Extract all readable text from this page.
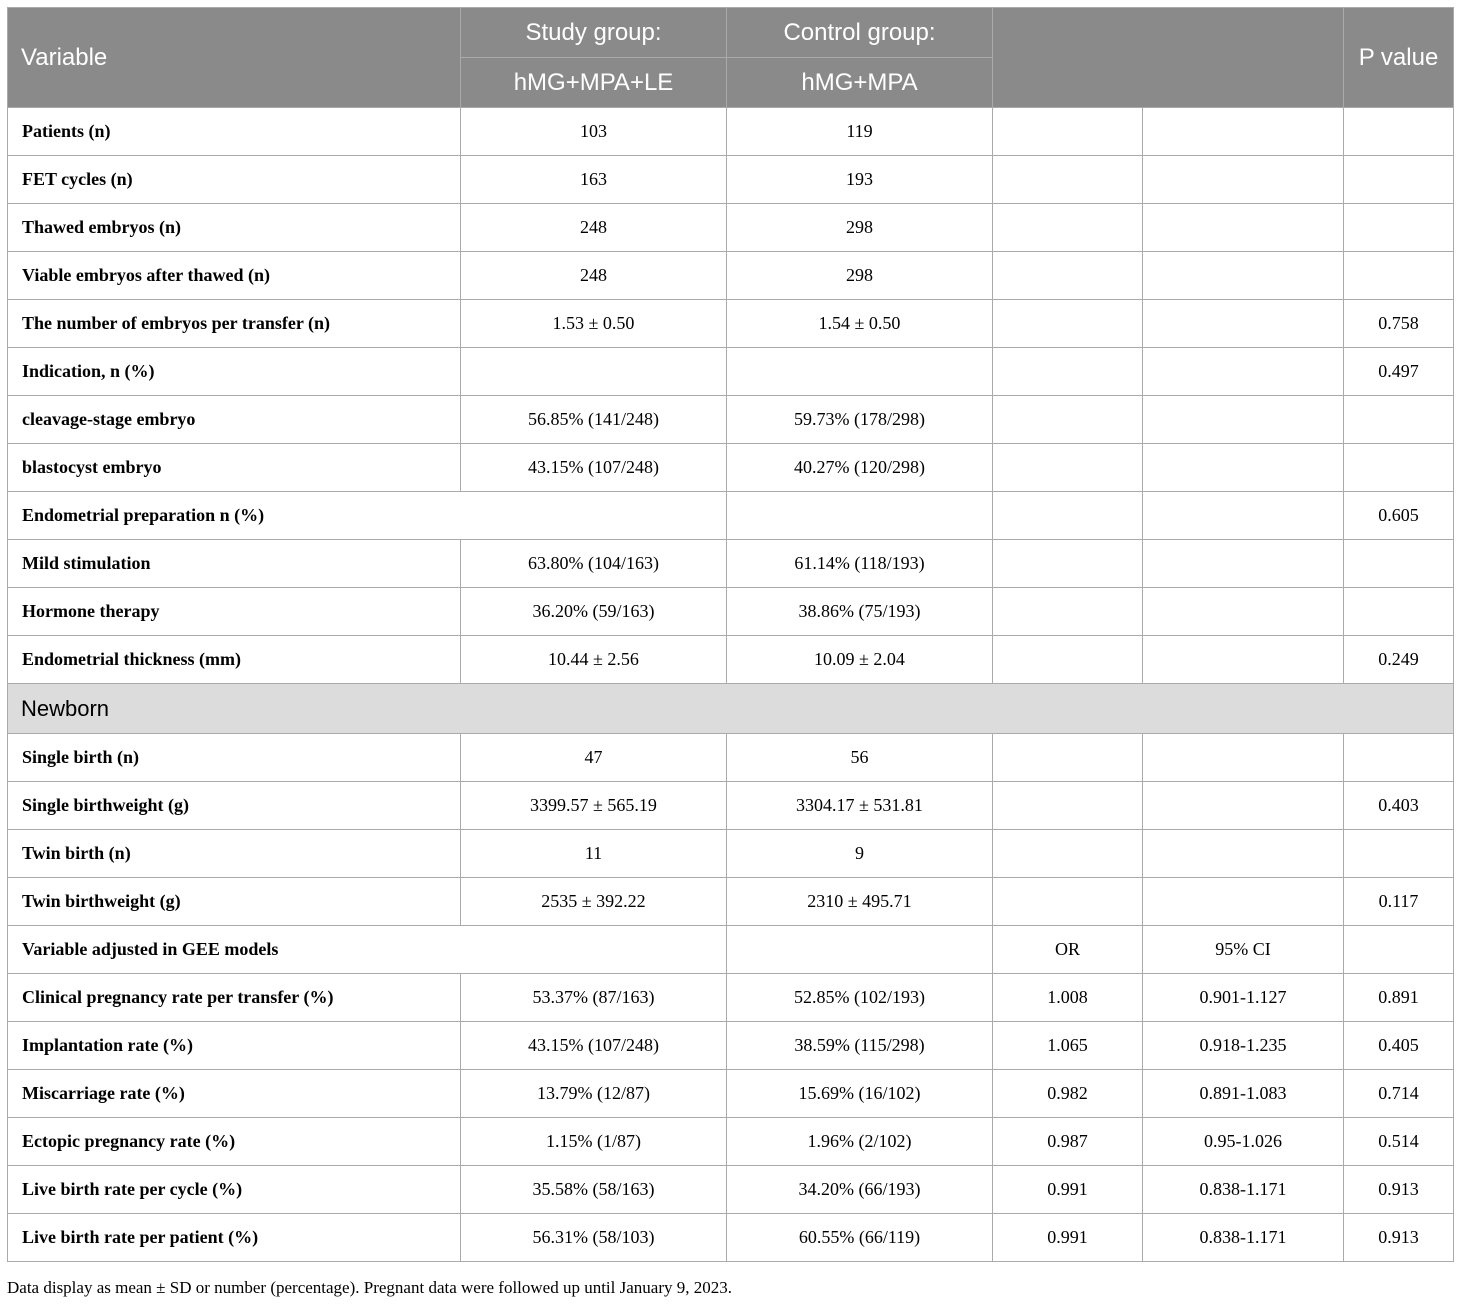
Variable	Study group:	Control group:			P value
	hMG+MPA+LE	hMG+MPA			
Patients (n)	103	119			
FET cycles (n)	163	193			
Thawed embryos (n)	248	298			
Viable embryos after thawed (n)	248	298			
The number of embryos per transfer (n)	1.53 ± 0.50	1.54 ± 0.50			0.758
Indication, n (%)					0.497
cleavage-stage embryo	56.85% (141/248)	59.73% (178/298)			
blastocyst embryo	43.15% (107/248)	40.27% (120/298)			
Endometrial preparation n (%)					0.605
Mild stimulation	63.80% (104/163)	61.14% (118/193)			
Hormone therapy	36.20% (59/163)	38.86% (75/193)			
Endometrial thickness (mm)	10.44 ± 2.56	10.09 ± 2.04			0.249
Newborn					
Single birth (n)	47	56			
Single birthweight (g)	3399.57 ± 565.19	3304.17 ± 531.81			0.403
Twin birth (n)	11	9			
Twin birthweight (g)	2535 ± 392.22	2310 ± 495.71			0.117
Variable adjusted in GEE models			OR	95% CI	
Clinical pregnancy rate per transfer (%)	53.37% (87/163)	52.85% (102/193)	1.008	0.901-1.127	0.891
Implantation rate (%)	43.15% (107/248)	38.59% (115/298)	1.065	0.918-1.235	0.405
Miscarriage rate (%)	13.79% (12/87)	15.69% (16/102)	0.982	0.891-1.083	0.714
Ectopic pregnancy rate (%)	1.15% (1/87)	1.96% (2/102)	0.987	0.95-1.026	0.514
Live birth rate per cycle (%)	35.58% (58/163)	34.20% (66/193)	0.991	0.838-1.171	0.913
Live birth rate per patient (%)	56.31% (58/103)	60.55% (66/119)	0.991	0.838-1.171	0.913
Data display as mean ± SD or number (percentage). Pregnant data were followed up until January 9, 2023.
